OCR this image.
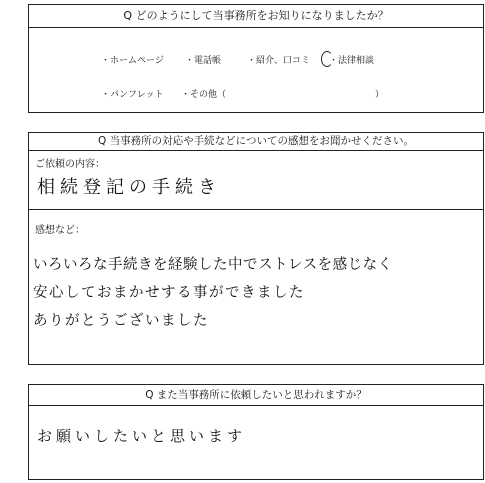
Q どのようにして当事務所をお知りになりましたか？
・ホームページ ・電話帳	・紹介、口コミ ・法律相談
・パンフレット ・その他（	）
Q 当事務所の対応や手続などについての感想をお聞かせください。
ご依頼の内容：
相続登記の手続き
感想など：
いろいろな手続きを経験した中でストレスを感じなく
安心しておまかせする事ができました
ありがとうございました
Q また当事務所に依頼したいと思われますか？
お願いしたいと思います
